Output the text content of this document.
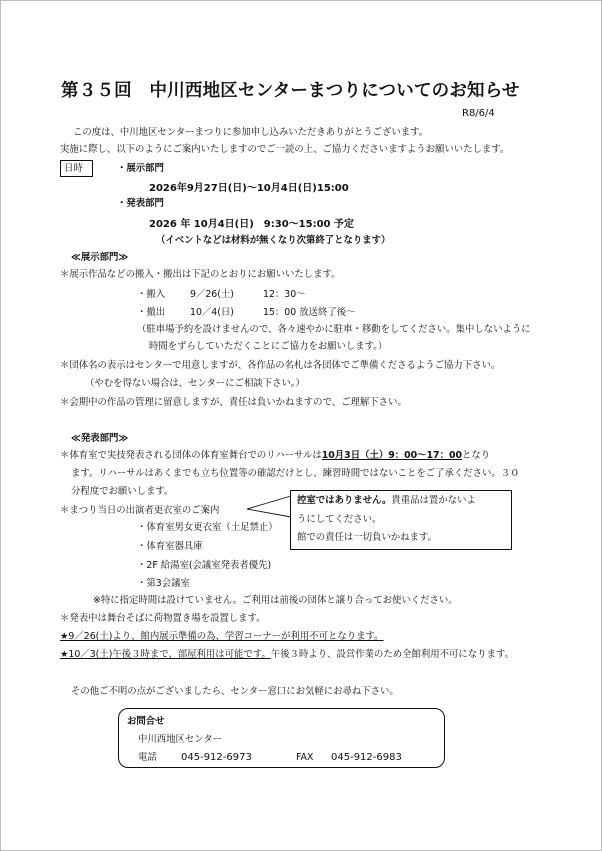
第３５回　中川西地区センターまつりについてのお知らせ
R8/6/4
この度は、中川地区センターまつりに参加申し込みいただきありがとうございます。
実施に際し、以下のようにご案内いたしますのでご一読の上、ご協力くださいますようお願いいたします。
日時	・展示部門
2026年9月27日(日)～10月4日(日)15:00
・発表部門
2026 年 10月4日(日)　9:30～15:00 予定
（イベントなどは材料が無くなり次第終了となります）
≪展示部門≫
＊展示作品などの搬入・搬出は下記のとおりにお願いいたします。
・搬入	9／26(土)	12：30～
・撤出	10／4(日)	15：00 放送終了後～
（駐車場予約を設けませんので、各々速やかに駐車・移動をしてください。集中しないように
時間をずらしていただくことにご協力をお願いします。）
＊団体名の表示はセンターで用意しますが、各作品の名札は各団体でご準備くださるようご協力下さい。
（やむを得ない場合は、センターにご相談下さい。）
＊会期中の作品の管理に留意しますが、責任は負いかねますので、ご理解下さい。
≪発表部門≫
＊体育室で実技発表される団体の体育室舞台でのリハーサルは10月3日（土）9：00～17：00となり
ます。リハーサルはあくまでも立ち位置等の確認だけとし、練習時間ではないことをご了承ください。３０
分程度でお願いします。
＊まつり当日の出演者更衣室のご案内
・体育室男女更衣室（土足禁止）
・体育室器具庫
・2F 給湯室(会議室発表者優先)
・第3会議室
控室ではありません。貴重品は置かないよ
うにしてください。
館での責任は一切負いかねます。
※特に指定時間は設けていません。ご利用は前後の団体と譲り合ってお使いください。
＊発表中は舞台そばに荷物置き場を設置します。
★9／26(土)より、館内展示準備の為、学習コーナーが利用不可となります。
★10／3(土)午後３時まで、部屋利用は可能です。午後３時より、設営作業のため全館利用不可になります。
その他ご不明の点がございましたら、センター窓口にお気軽にお尋ね下さい。
お問合せ
中川西地区センター
電話 045-912-6973	FAX 045-912-6983
